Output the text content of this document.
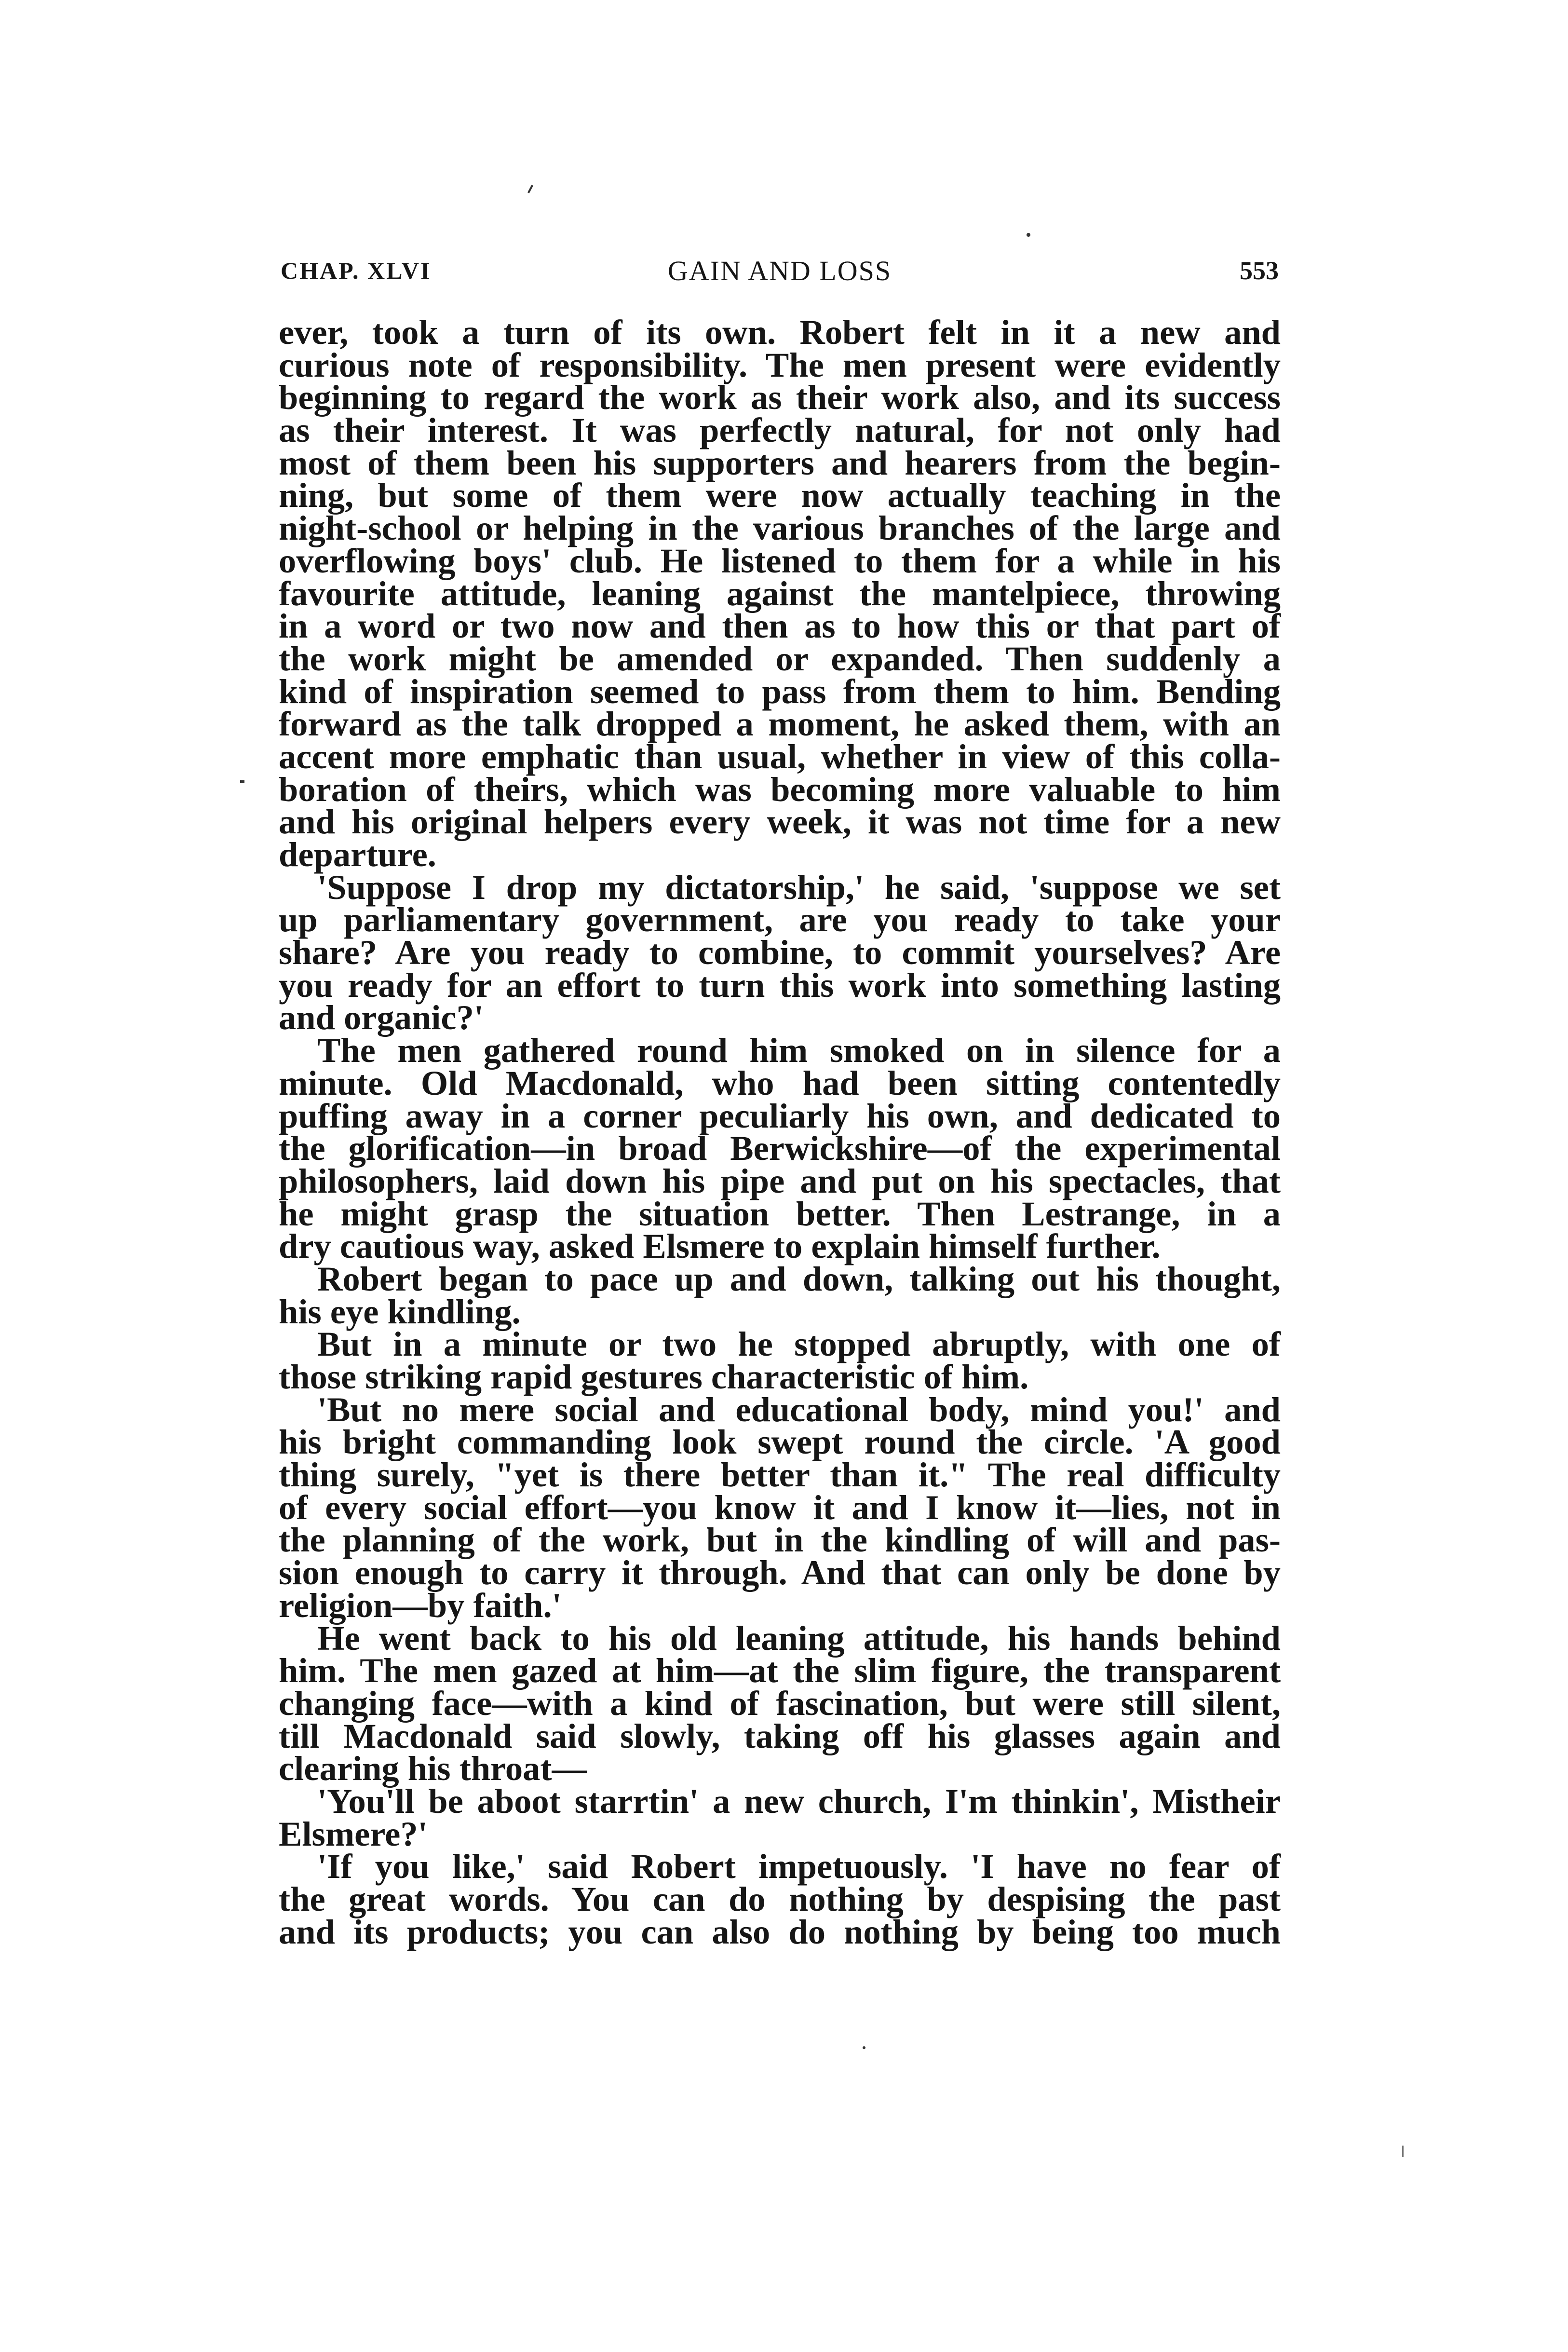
CHAP. XLVI	GAIN AND LOSS	553
ever, took a turn of its own. Robert felt in it a new and
curious note of responsibility. The men present were evidently
beginning to regard the work as their work also, and its success
as their interest. It was perfectly natural, for not only had
most of them been his supporters and hearers from the begin-
ning, but some of them were now actually teaching in the
night-school or helping in the various branches of the large and
overflowing boys' club. He listened to them for a while in his
favourite attitude, leaning against the mantelpiece, throwing
in a word or two now and then as to how this or that part of
the work might be amended or expanded. Then suddenly a
kind of inspiration seemed to pass from them to him. Bending
forward as the talk dropped a moment, he asked them, with an
accent more emphatic than usual, whether in view of this colla-
boration of theirs, which was becoming more valuable to him
and his original helpers every week, it was not time for a new
departure.
'Suppose I drop my dictatorship,' he said, 'suppose we set
up parliamentary government, are you ready to take your
share? Are you ready to combine, to commit yourselves? Are
you ready for an effort to turn this work into something lasting
and organic?'
The men gathered round him smoked on in silence for a
minute. Old Macdonald, who had been sitting contentedly
puffing away in a corner peculiarly his own, and dedicated to
the glorification—in broad Berwickshire—of the experimental
philosophers, laid down his pipe and put on his spectacles, that
he might grasp the situation better. Then Lestrange, in a
dry cautious way, asked Elsmere to explain himself further.
Robert began to pace up and down, talking out his thought,
his eye kindling.
But in a minute or two he stopped abruptly, with one of
those striking rapid gestures characteristic of him.
'But no mere social and educational body, mind you!' and
his bright commanding look swept round the circle. 'A good
thing surely, "yet is there better than it." The real difficulty
of every social effort—you know it and I know it—lies, not in
the planning of the work, but in the kindling of will and pas-
sion enough to carry it through. And that can only be done by
religion—by faith.'
He went back to his old leaning attitude, his hands behind
him. The men gazed at him—at the slim figure, the transparent
changing face—with a kind of fascination, but were still silent,
till Macdonald said slowly, taking off his glasses again and
clearing his throat—
'You'll be aboot starrtin' a new church, I'm thinkin', Mistheir
Elsmere?'
'If you like,' said Robert impetuously. 'I have no fear of
the great words. You can do nothing by despising the past
and its products; you can also do nothing by being too much
